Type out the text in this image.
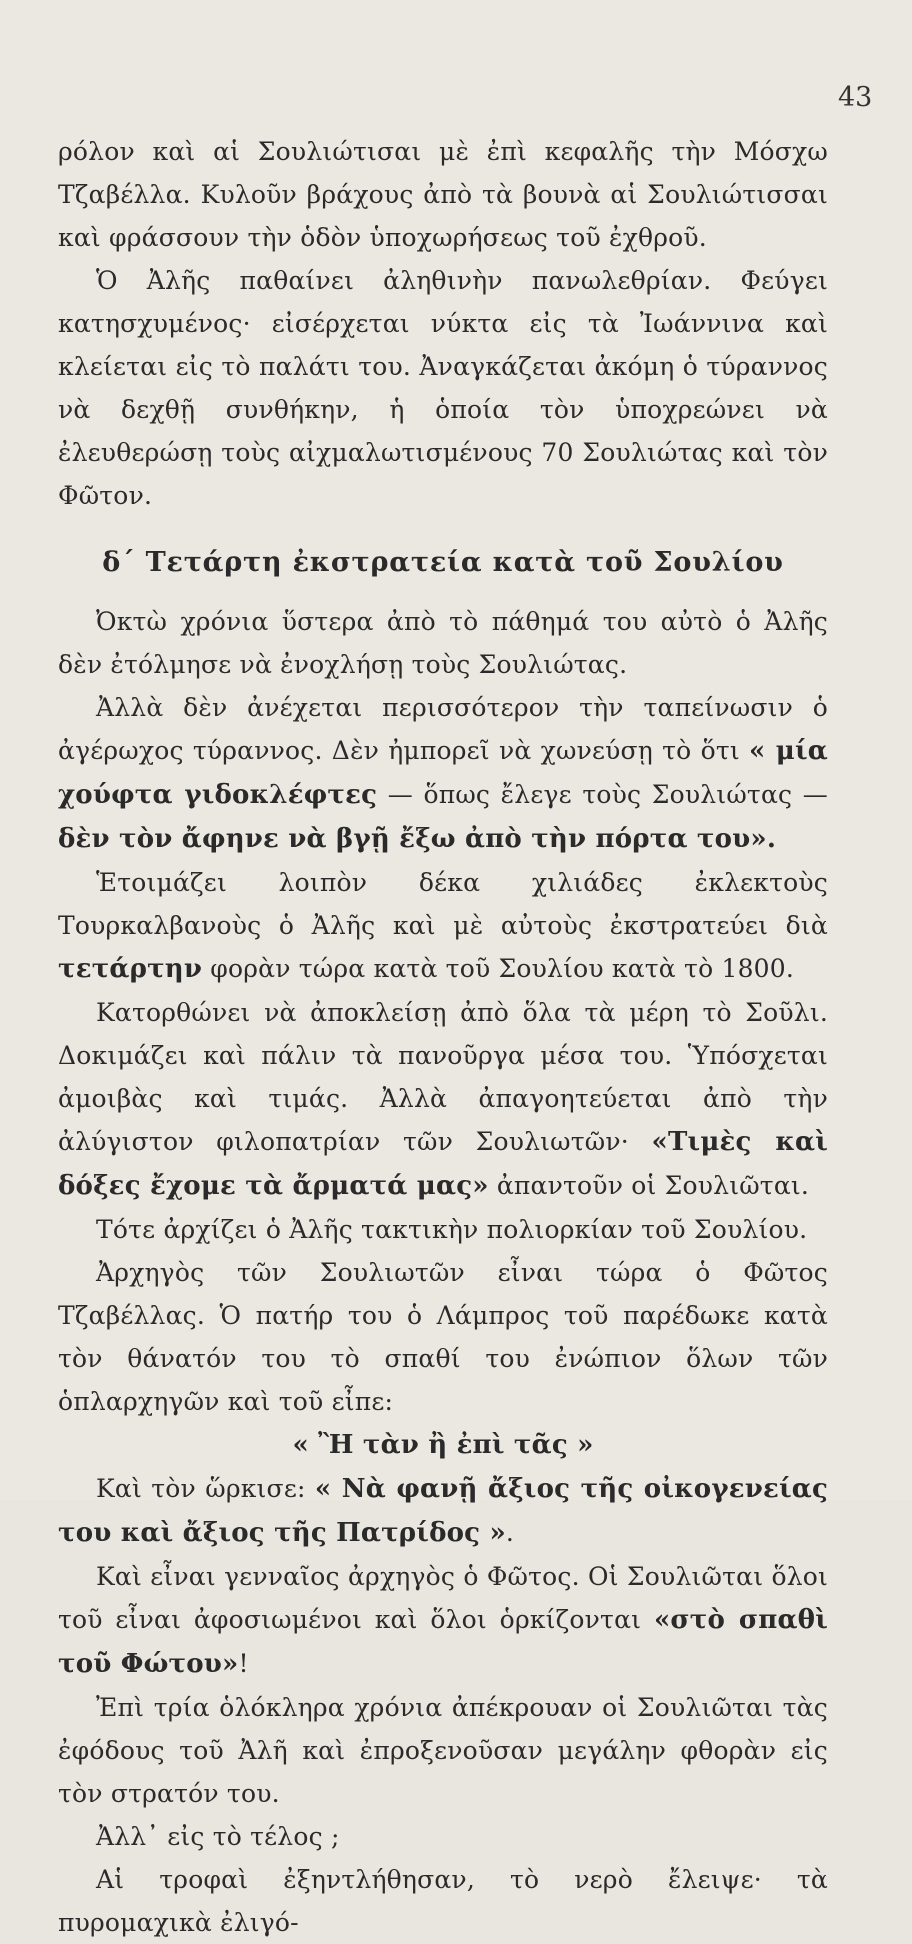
43

ρόλον καὶ αἱ Σουλιώτισαι μὲ ἐπὶ κεφαλῆς τὴν Μόσχω Τζαβέλλα. Κυλοῦν βράχους ἀπὸ τὰ βουνὰ αἱ Σουλιώτισσαι καὶ φράσσουν τὴν ὁδὸν ὑποχωρήσεως τοῦ ἐχθροῦ.

Ὁ Ἀλῆς παθαίνει ἀληθινὴν πανωλεθρίαν. Φεύγει κατησχυμένος· εἰσέρχεται νύκτα εἰς τὰ Ἰωάννινα καὶ κλείεται εἰς τὸ παλάτι του. Ἀναγκάζεται ἀκόμη ὁ τύραννος νὰ δεχθῇ συνθήκην, ἡ ὁποία τὸν ὑποχρεώνει νὰ ἐλευθερώσῃ τοὺς αἰχμαλωτισμένους 70 Σουλιώτας καὶ τὸν Φῶτον.

δ΄ Τετάρτη ἐκστρατεία κατὰ τοῦ Σουλίου

Ὀκτὼ χρόνια ὕστερα ἀπὸ τὸ πάθημά του αὐτὸ ὁ Ἀλῆς δὲν ἐτόλμησε νὰ ἐνοχλήσῃ τοὺς Σουλιώτας.

Ἀλλὰ δὲν ἀνέχεται περισσότερον τὴν ταπείνωσιν ὁ ἀγέρωχος τύραννος. Δὲν ἠμπορεῖ νὰ χωνεύσῃ τὸ ὅτι « μία χούφτα γιδοκλέφτες — ὅπως ἔλεγε τοὺς Σουλιώτας — δὲν τὸν ἄφηνε νὰ βγῇ ἔξω ἀπὸ τὴν πόρτα του».

Ἑτοιμάζει λοιπὸν δέκα χιλιάδες ἐκλεκτοὺς Τουρκαλβανοὺς ὁ Ἀλῆς καὶ μὲ αὐτοὺς ἐκστρατεύει διὰ τετάρτην φορὰν τώρα κατὰ τοῦ Σουλίου κατὰ τὸ 1800.

Κατορθώνει νὰ ἀποκλείσῃ ἀπὸ ὅλα τὰ μέρη τὸ Σοῦλι. Δοκιμάζει καὶ πάλιν τὰ πανοῦργα μέσα του. Ὑπόσχεται ἀμοιβὰς καὶ τιμάς. Ἀλλὰ ἀπαγοητεύεται ἀπὸ τὴν ἀλύγιστον φιλοπατρίαν τῶν Σουλιωτῶν· «Τιμὲς καὶ δόξες ἔχομε τὰ ἄρματά μας» ἀπαντοῦν οἱ Σουλιῶται.

Τότε ἀρχίζει ὁ Ἀλῆς τακτικὴν πολιορκίαν τοῦ Σουλίου.

Ἀρχηγὸς τῶν Σουλιωτῶν εἶναι τώρα ὁ Φῶτος Τζαβέλλας. Ὁ πατήρ του ὁ Λάμπρος τοῦ παρέδωκε κατὰ τὸν θάνατόν του τὸ σπαθί του ἐνώπιον ὅλων τῶν ὁπλαρχηγῶν καὶ τοῦ εἶπε:

« Ἢ τὰν ἢ ἐπὶ τᾶς »

Καὶ τὸν ὥρκισε: « Νὰ φανῇ ἄξιος τῆς οἰκογενείας του καὶ ἄξιος τῆς Πατρίδος ».

Καὶ εἶναι γενναῖος ἀρχηγὸς ὁ Φῶτος. Οἱ Σουλιῶται ὅλοι τοῦ εἶναι ἀφοσιωμένοι καὶ ὅλοι ὁρκίζονται «στὸ σπαθὶ τοῦ Φώτου»!

Ἐπὶ τρία ὁλόκληρα χρόνια ἀπέκρουαν οἱ Σουλιῶται τὰς ἐφόδους τοῦ Ἀλῆ καὶ ἐπροξενοῦσαν μεγάλην φθορὰν εἰς τὸν στρατόν του.

Ἀλλ᾽ εἰς τὸ τέλος ;

Αἱ τροφαὶ ἐξηντλήθησαν, τὸ νερὸ ἔλειψε· τὰ πυρομαχικὰ ἐλιγό-
